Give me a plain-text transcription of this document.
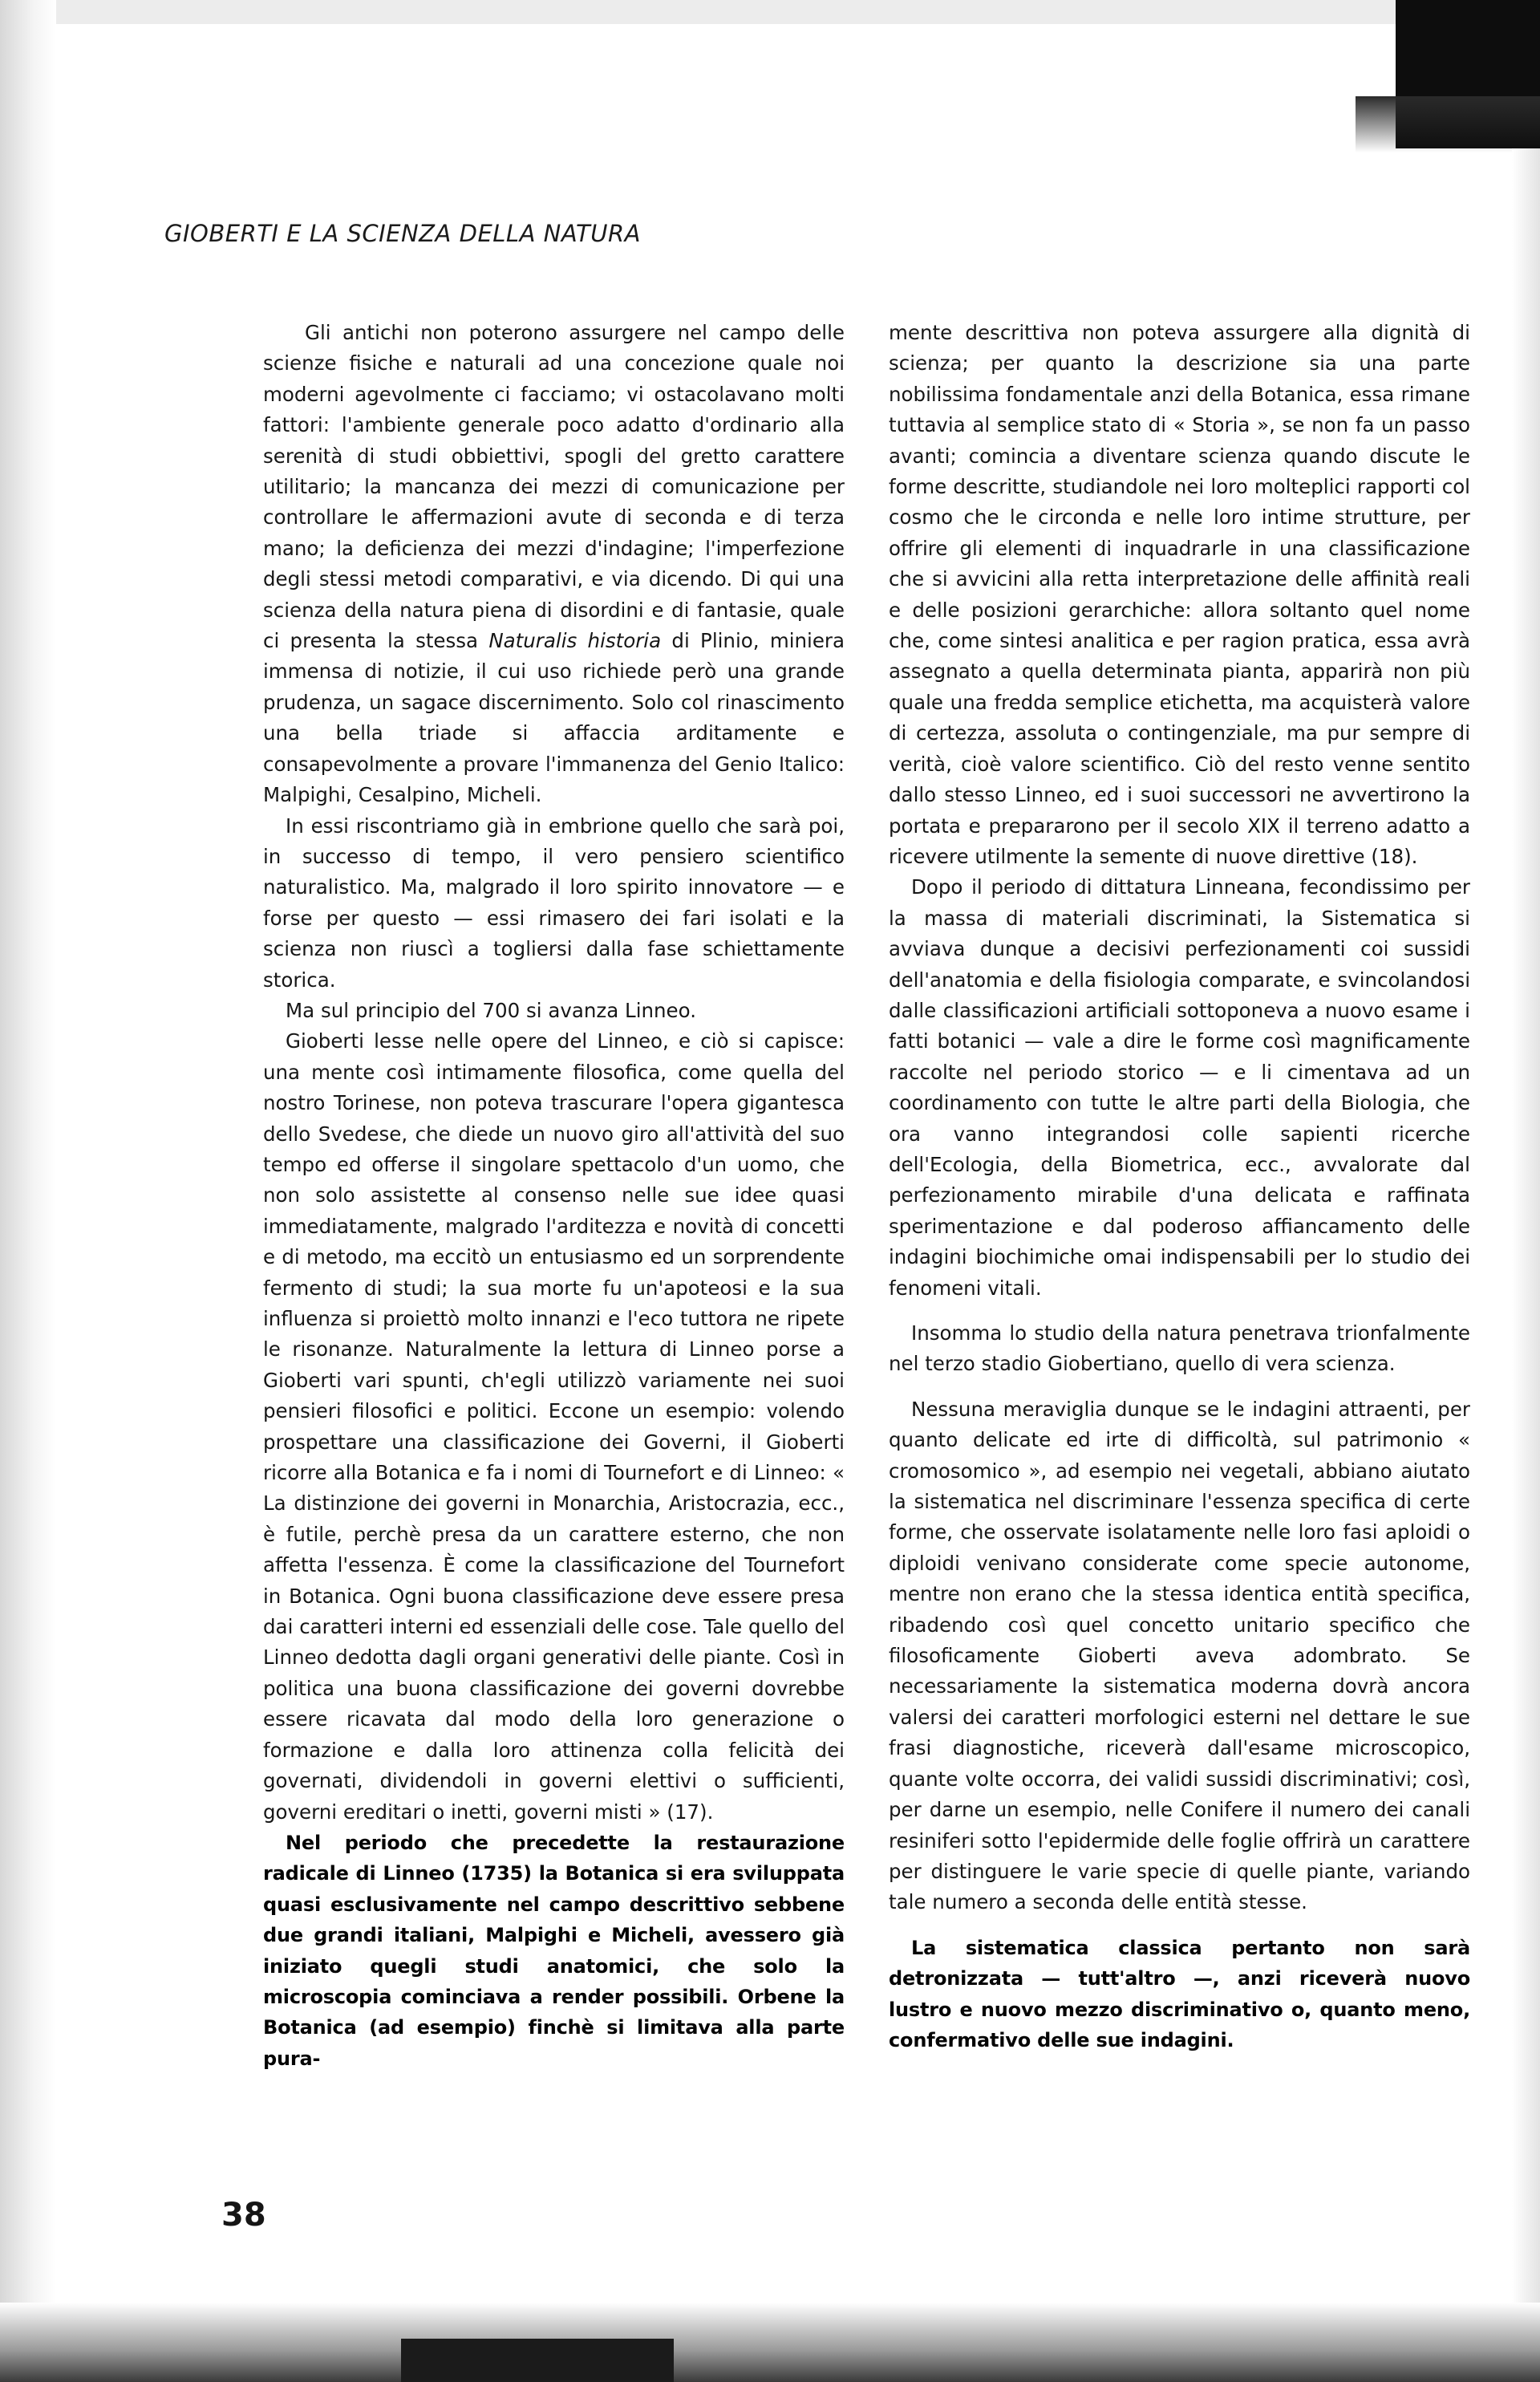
GIOBERTI E LA SCIENZA DELLA NATURA

Gli antichi non poterono assurgere nel campo delle scienze fisiche e naturali ad una concezione quale noi moderni agevolmente ci facciamo; vi ostacolavano molti fattori: l'ambiente generale poco adatto d'ordinario alla serenità di studi obbiettivi, spogli del gretto carattere utilitario; la mancanza dei mezzi di comunicazione per controllare le affermazioni avute di seconda e di terza mano; la deficienza dei mezzi d'indagine; l'imperfezione degli stessi metodi comparativi, e via dicendo. Di qui una scienza della natura piena di disordini e di fantasie, quale ci presenta la stessa Naturalis historia di Plinio, miniera immensa di notizie, il cui uso richiede però una grande prudenza, un sagace discernimento. Solo col rinascimento una bella triade si affaccia arditamente e consapevolmente a provare l'immanenza del Genio Italico: Malpighi, Cesalpino, Micheli.

In essi riscontriamo già in embrione quello che sarà poi, in successo di tempo, il vero pensiero scientifico naturalistico. Ma, malgrado il loro spirito innovatore — e forse per questo — essi rimasero dei fari isolati e la scienza non riuscì a togliersi dalla fase schiettamente storica.

Ma sul principio del 700 si avanza Linneo.

Gioberti lesse nelle opere del Linneo, e ciò si capisce: una mente così intimamente filosofica, come quella del nostro Torinese, non poteva trascurare l'opera gigantesca dello Svedese, che diede un nuovo giro all'attività del suo tempo ed offerse il singolare spettacolo d'un uomo, che non solo assistette al consenso nelle sue idee quasi immediatamente, malgrado l'arditezza e novità di concetti e di metodo, ma eccitò un entusiasmo ed un sorprendente fermento di studi; la sua morte fu un'apoteosi e la sua influenza si proiettò molto innanzi e l'eco tuttora ne ripete le risonanze. Naturalmente la lettura di Linneo porse a Gioberti vari spunti, ch'egli utilizzò variamente nei suoi pensieri filosofici e politici. Eccone un esempio: volendo prospettare una classificazione dei Governi, il Gioberti ricorre alla Botanica e fa i nomi di Tournefort e di Linneo: « La distinzione dei governi in Monarchia, Aristocrazia, ecc., è futile, perchè presa da un carattere esterno, che non affetta l'essenza. È come la classificazione del Tournefort in Botanica. Ogni buona classificazione deve essere presa dai caratteri interni ed essenziali delle cose. Tale quello del Linneo dedotta dagli organi generativi delle piante. Così in politica una buona classificazione dei governi dovrebbe essere ricavata dal modo della loro generazione o formazione e dalla loro attinenza colla felicità dei governati, dividendoli in governi elettivi o sufficienti, governi ereditari o inetti, governi misti » (17).

Nel periodo che precedette la restaurazione radicale di Linneo (1735) la Botanica si era sviluppata quasi esclusivamente nel campo descrittivo sebbene due grandi italiani, Malpighi e Micheli, avessero già iniziato quegli studi anatomici, che solo la microscopia cominciava a render possibili. Orbene la Botanica (ad esempio) finchè si limitava alla parte pura-

mente descrittiva non poteva assurgere alla dignità di scienza; per quanto la descrizione sia una parte nobilissima fondamentale anzi della Botanica, essa rimane tuttavia al semplice stato di « Storia », se non fa un passo avanti; comincia a diventare scienza quando discute le forme descritte, studiandole nei loro molteplici rapporti col cosmo che le circonda e nelle loro intime strutture, per offrire gli elementi di inquadrarle in una classificazione che si avvicini alla retta interpretazione delle affinità reali e delle posizioni gerarchiche: allora soltanto quel nome che, come sintesi analitica e per ragion pratica, essa avrà assegnato a quella determinata pianta, apparirà non più quale una fredda semplice etichetta, ma acquisterà valore di certezza, assoluta o contingenziale, ma pur sempre di verità, cioè valore scientifico. Ciò del resto venne sentito dallo stesso Linneo, ed i suoi successori ne avvertirono la portata e prepararono per il secolo XIX il terreno adatto a ricevere utilmente la semente di nuove direttive (18).

Dopo il periodo di dittatura Linneana, fecondissimo per la massa di materiali discriminati, la Sistematica si avviava dunque a decisivi perfezionamenti coi sussidi dell'anatomia e della fisiologia comparate, e svincolandosi dalle classificazioni artificiali sottoponeva a nuovo esame i fatti botanici — vale a dire le forme così magnificamente raccolte nel periodo storico — e li cimentava ad un coordinamento con tutte le altre parti della Biologia, che ora vanno integrandosi colle sapienti ricerche dell'Ecologia, della Biometrica, ecc., avvalorate dal perfezionamento mirabile d'una delicata e raffinata sperimentazione e dal poderoso affiancamento delle indagini biochimiche omai indispensabili per lo studio dei fenomeni vitali.

Insomma lo studio della natura penetrava trionfalmente nel terzo stadio Giobertiano, quello di vera scienza.

Nessuna meraviglia dunque se le indagini attraenti, per quanto delicate ed irte di difficoltà, sul patrimonio « cromosomico », ad esempio nei vegetali, abbiano aiutato la sistematica nel discriminare l'essenza specifica di certe forme, che osservate isolatamente nelle loro fasi aploidi o diploidi venivano considerate come specie autonome, mentre non erano che la stessa identica entità specifica, ribadendo così quel concetto unitario specifico che filosoficamente Gioberti aveva adombrato. Se necessariamente la sistematica moderna dovrà ancora valersi dei caratteri morfologici esterni nel dettare le sue frasi diagnostiche, riceverà dall'esame microscopico, quante volte occorra, dei validi sussidi discriminativi; così, per darne un esempio, nelle Conifere il numero dei canali resiniferi sotto l'epidermide delle foglie offrirà un carattere per distinguere le varie specie di quelle piante, variando tale numero a seconda delle entità stesse.

La sistematica classica pertanto non sarà detronizzata — tutt'altro —, anzi riceverà nuovo lustro e nuovo mezzo discriminativo o, quanto meno, confermativo delle sue indagini.

38
